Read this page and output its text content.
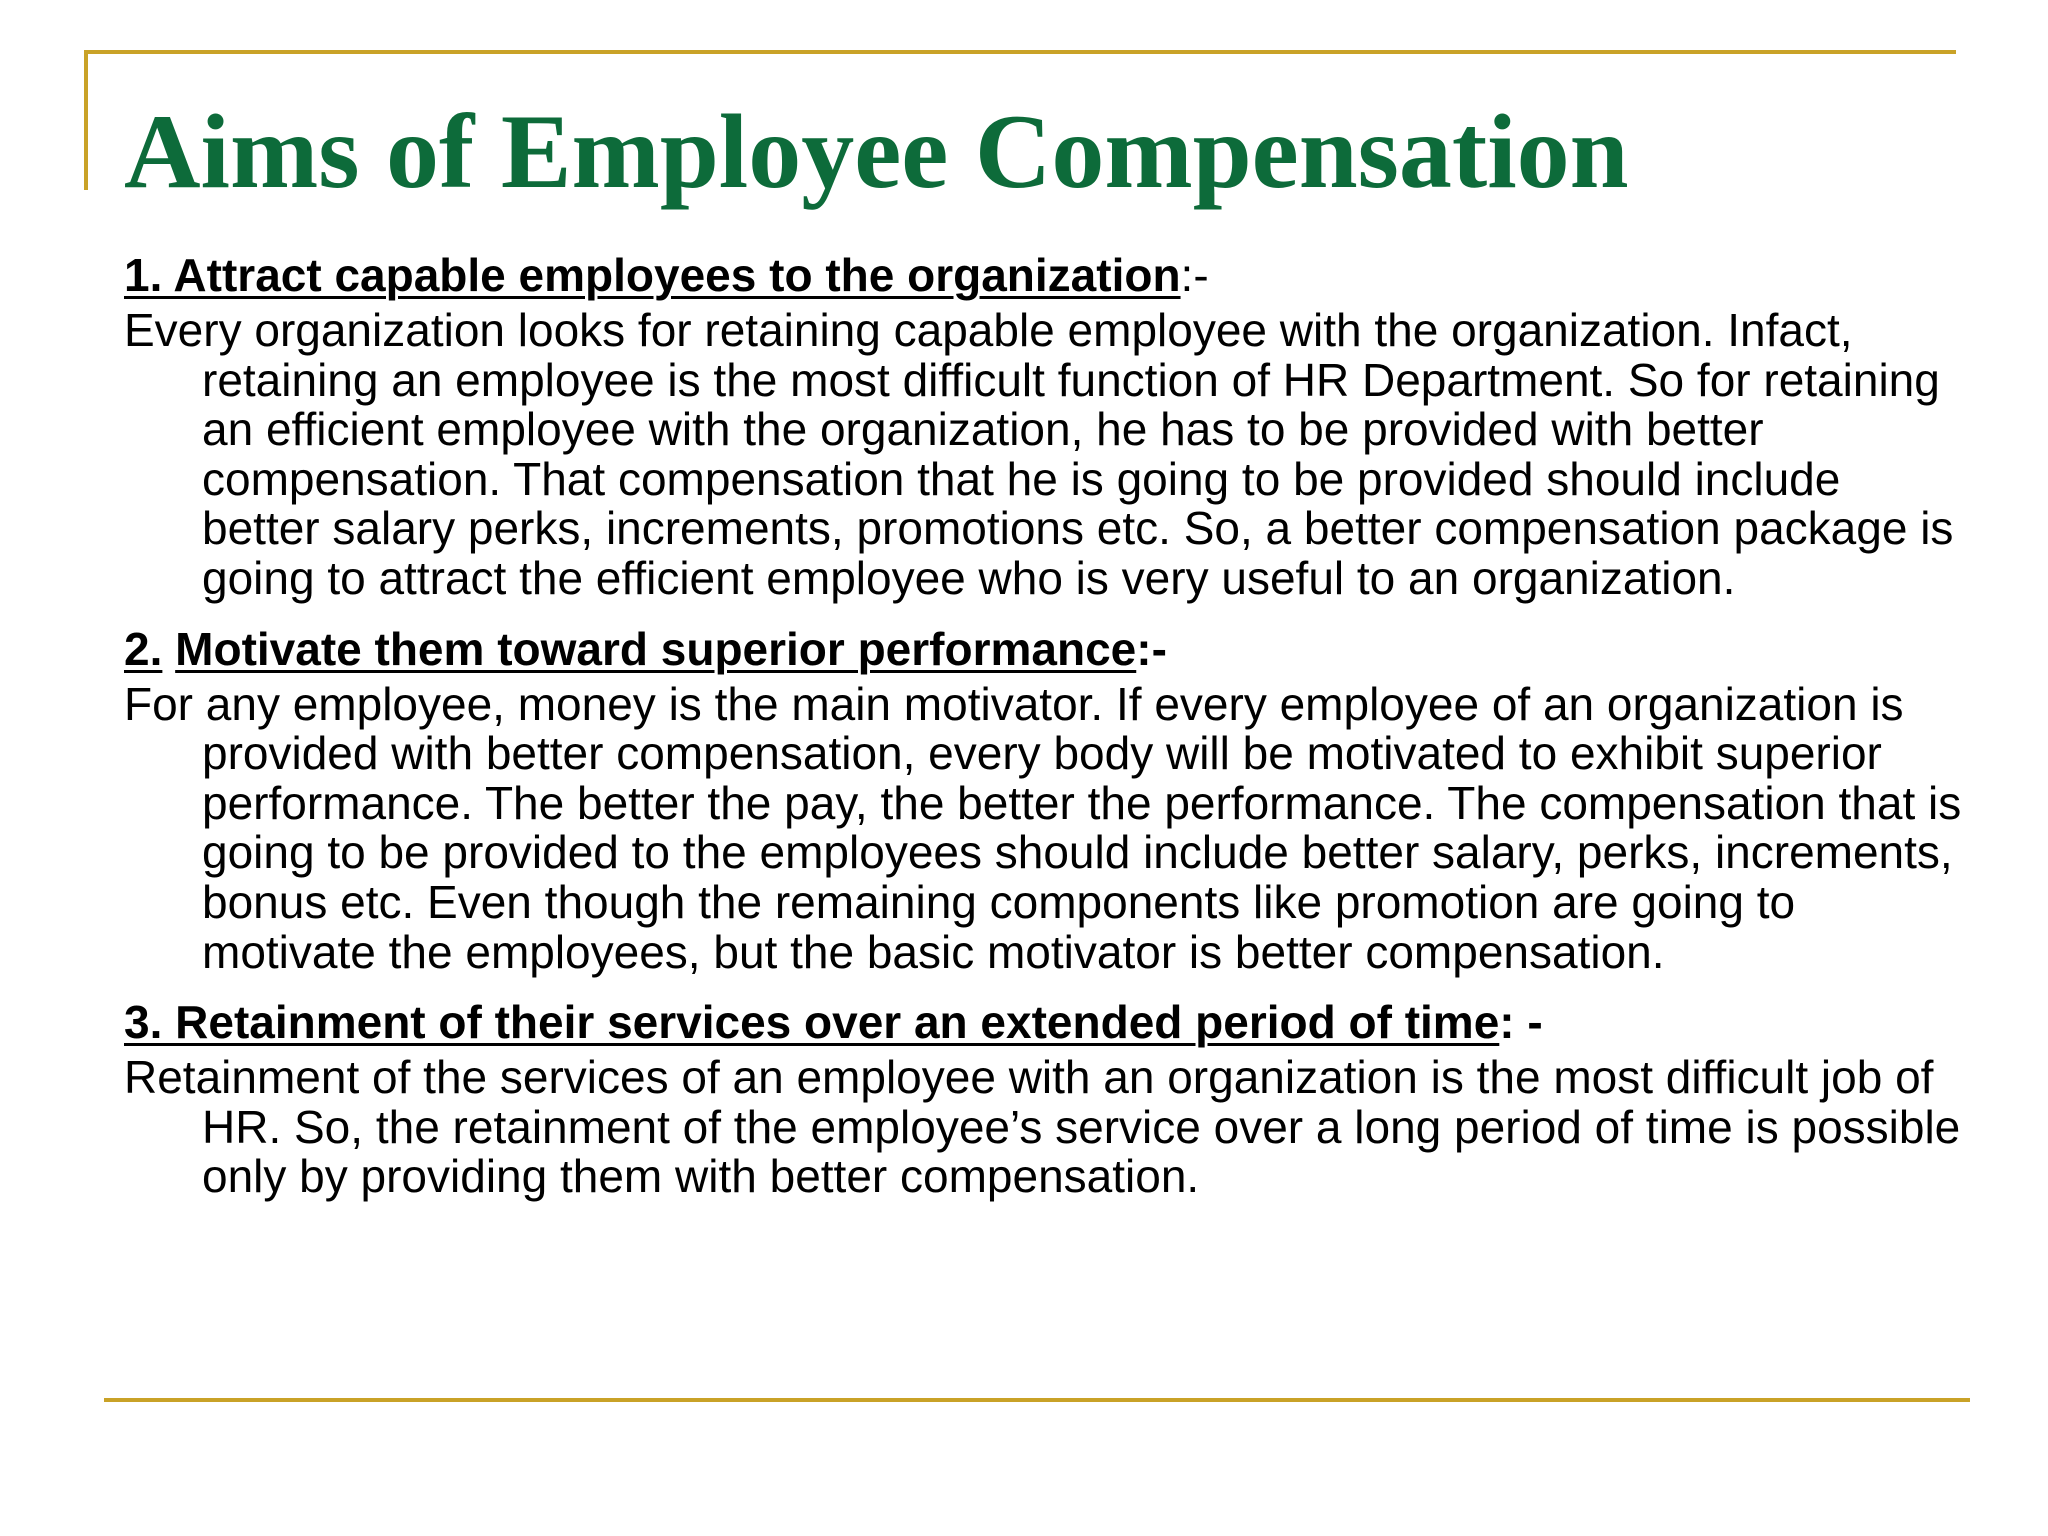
Aims of Employee Compensation

1. Attract capable employees to the organization:-

Every organization looks for retaining capable employee with the organization. Infact, retaining an employee is the most difficult function of HR Department. So for retaining an efficient employee with the organization, he has to be provided with better compensation. That compensation that he is going to be provided should include better salary perks, increments, promotions etc. So, a better compensation package is going to attract the efficient employee who is very useful to an organization.

2. Motivate them toward superior performance:-

For any employee, money is the main motivator. If every employee of an organization is provided with better compensation, every body will be motivated to exhibit superior performance. The better the pay, the better the performance. The compensation that is going to be provided to the employees should include better salary, perks, increments, bonus etc. Even though the remaining components like promotion are going to motivate the employees, but the basic motivator is better compensation.

3. Retainment of their services over an extended period of time: -

Retainment of the services of an employee with an organization is the most difficult job of HR. So, the retainment of the employee’s service over a long period of time is possible only by providing them with better compensation.
